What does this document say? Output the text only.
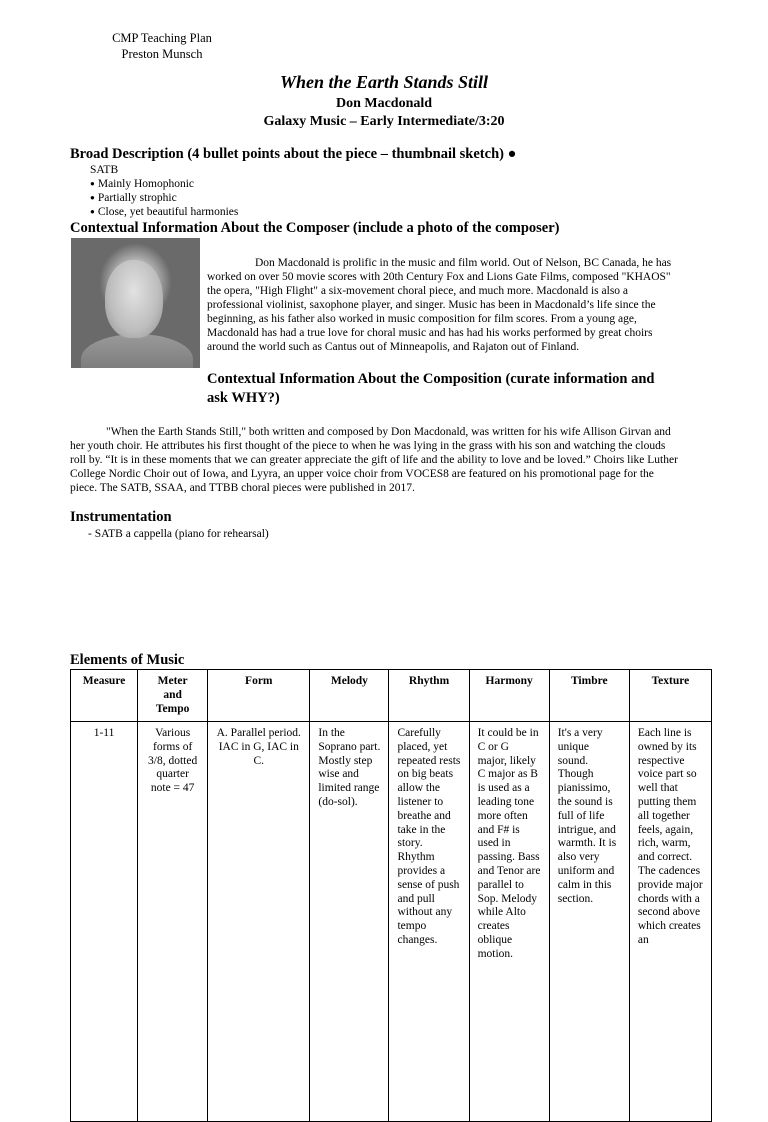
CMP Teaching Plan
Preston Munsch
When the Earth Stands Still
Don Macdonald
Galaxy Music – Early Intermediate/3:20
Broad Description (4 bullet points about the piece – thumbnail sketch) ●
SATB
● Mainly Homophonic
● Partially strophic
● Close, yet beautiful harmonies
Contextual Information About the Composer (include a photo of the composer)
Don Macdonald is prolific in the music and film world. Out of Nelson, BC Canada, he has
worked on over 50 movie scores with 20th Century Fox and Lions Gate Films, composed "KHAOS"
the opera, "High Flight" a six-movement choral piece, and much more. Macdonald is also a
professional violinist, saxophone player, and singer. Music has been in Macdonald’s life since the
beginning, as his father also worked in music composition for film scores. From a young age,
Macdonald has had a true love for choral music and has had his works performed by great choirs
around the world such as Cantus out of Minneapolis, and Rajaton out of Finland.
Contextual Information About the Composition (curate information and
ask WHY?)
"When the Earth Stands Still," both written and composed by Don Macdonald, was written for his wife Allison Girvan and
her youth choir. He attributes his first thought of the piece to when he was lying in the grass with his son and watching the clouds
roll by. “It is in these moments that we can greater appreciate the gift of life and the ability to love and be loved.” Choirs like Luther
College Nordic Choir out of Iowa, and Lyyra, an upper voice choir from VOCES8 are featured on his promotional page for the
piece. The SATB, SSAA, and TTBB choral pieces were published in 2017.
Instrumentation
- SATB a cappella (piano for rehearsal)
Elements of Music
Measure	Meter and Tempo	Form	Melody	Rhythm	Harmony	Timbre	Texture
1-11	Various forms of 3/8, dotted quarter note = 47	A. Parallel period. IAC in G, IAC in C.	In the Soprano part. Mostly step wise and limited range (do-sol).	Carefully placed, yet repeated rests on big beats allow the listener to breathe and take in the story. Rhythm provides a sense of push and pull without any tempo changes.	It could be in C or G major, likely C major as B is used as a leading tone more often and F# is used in passing. Bass and Tenor are parallel to Sop. Melody while Alto creates oblique motion.	It's a very unique sound. Though pianissimo, the sound is full of life intrigue, and warmth. It is also very uniform and calm in this section.	Each line is owned by its respective voice part so well that putting them all together feels, again, rich, warm, and correct. The cadences provide major chords with a second above which creates an
